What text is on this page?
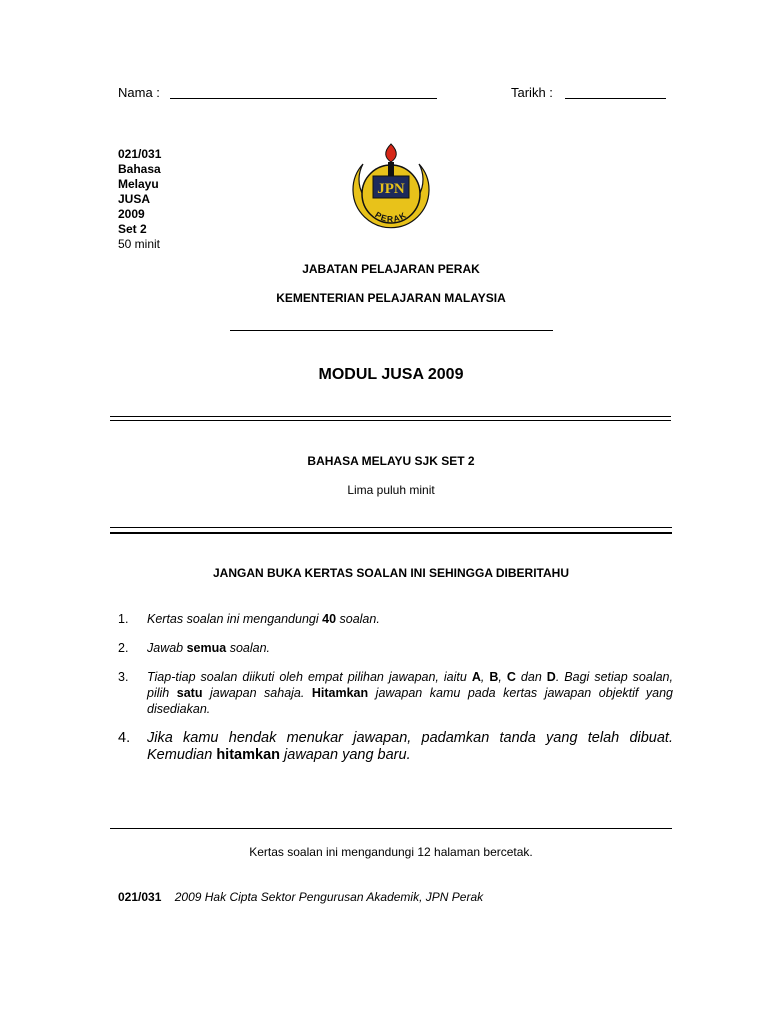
Nama :	Tarikh :
021/031
Bahasa
Melayu
JUSA
2009
Set 2
50 minit
JPN
PERAK
JABATAN PELAJARAN PERAK
KEMENTERIAN PELAJARAN MALAYSIA
MODUL JUSA 2009
BAHASA MELAYU SJK SET 2
Lima puluh minit
JANGAN BUKA KERTAS SOALAN INI SEHINGGA DIBERITAHU
1. Kertas soalan ini mengandungi 40 soalan.
2. Jawab semua soalan.
3. Tiap-tiap soalan diikuti oleh empat pilihan jawapan, iaitu A, B, C dan D. Bagi setiap soalan, pilih satu jawapan sahaja. Hitamkan jawapan kamu pada kertas jawapan objektif yang disediakan.
4. Jika kamu hendak menukar jawapan, padamkan tanda yang telah dibuat. Kemudian hitamkan jawapan yang baru.
Kertas soalan ini mengandungi 12 halaman bercetak.
021/031 2009 Hak Cipta Sektor Pengurusan Akademik, JPN Perak
